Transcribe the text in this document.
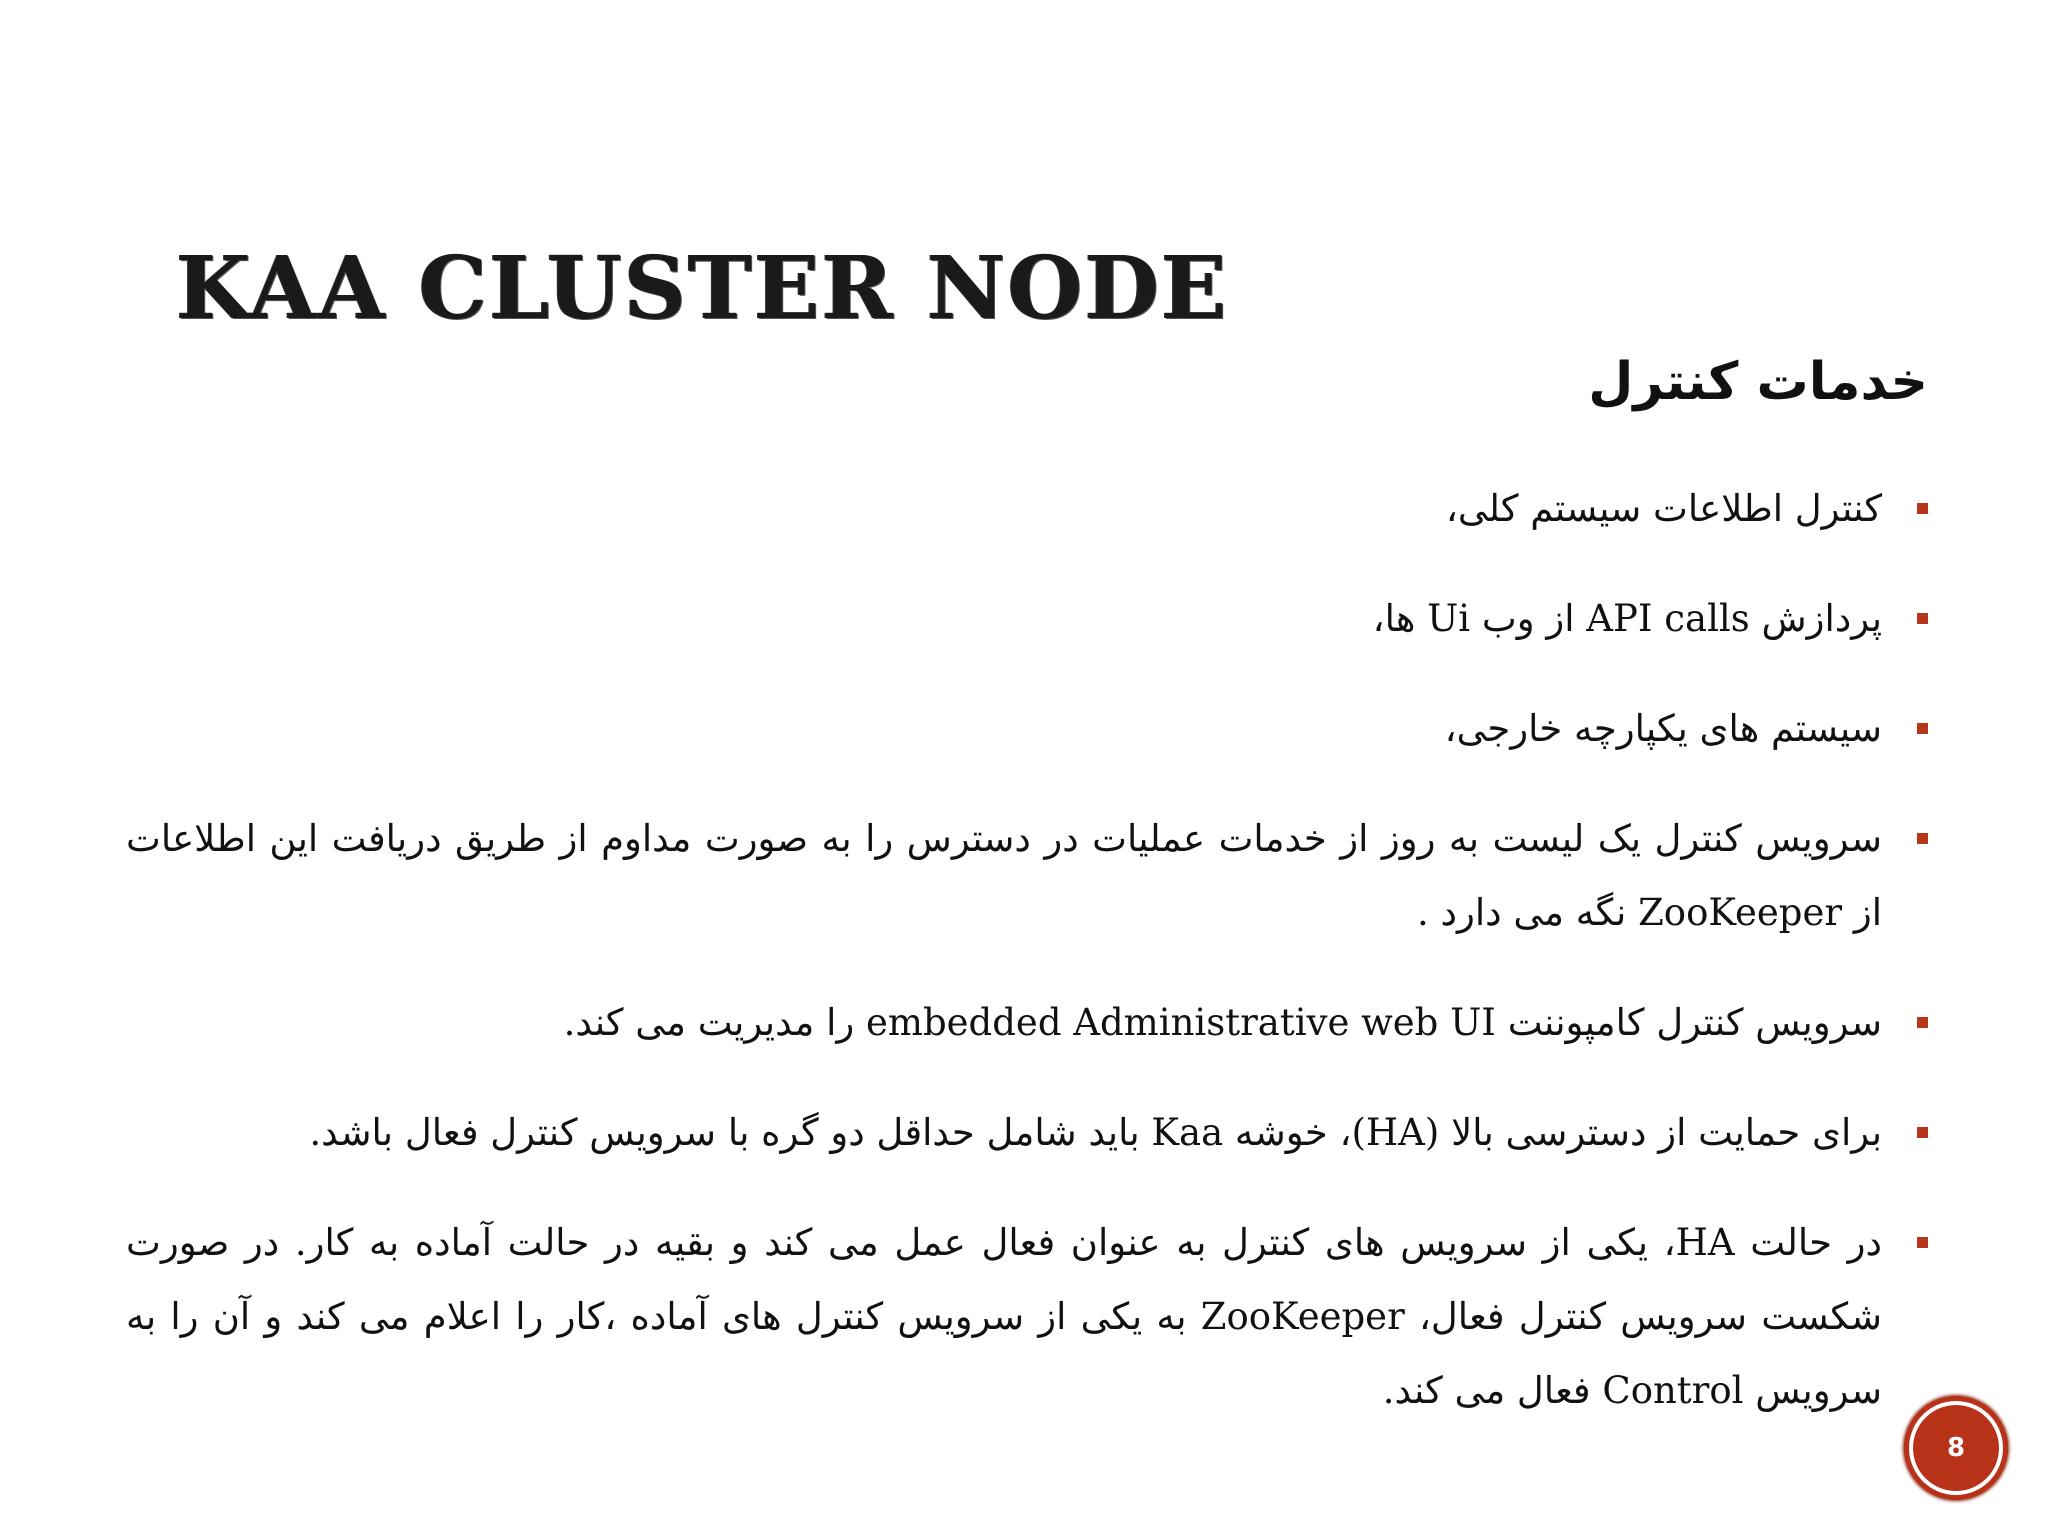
KAA CLUSTER NODE
خدمات کنترل
کنترل اطلاعات سیستم کلی،
پردازش API calls از وب Ui ها،
سیستم های یکپارچه خارجی،
سرویس کنترل یک لیست به روز از خدمات عملیات در دسترس را به صورت مداوم از طریق دریافت این اطلاعات از ZooKeeper نگه می دارد .
سرویس کنترل کامپوننت embedded Administrative web UI را مدیریت می کند.
برای حمایت از دسترسی بالا (HA)، خوشه Kaa باید شامل حداقل دو گره با سرویس کنترل فعال باشد.
در حالت HA، یکی از سرویس های کنترل به عنوان فعال عمل می کند و بقیه در حالت آماده به کار. در صورت شکست سرویس کنترل فعال، ZooKeeper به یکی از سرویس کنترل های آماده ،کار را اعلام می کند و آن را به سرویس Control فعال می کند.
8
